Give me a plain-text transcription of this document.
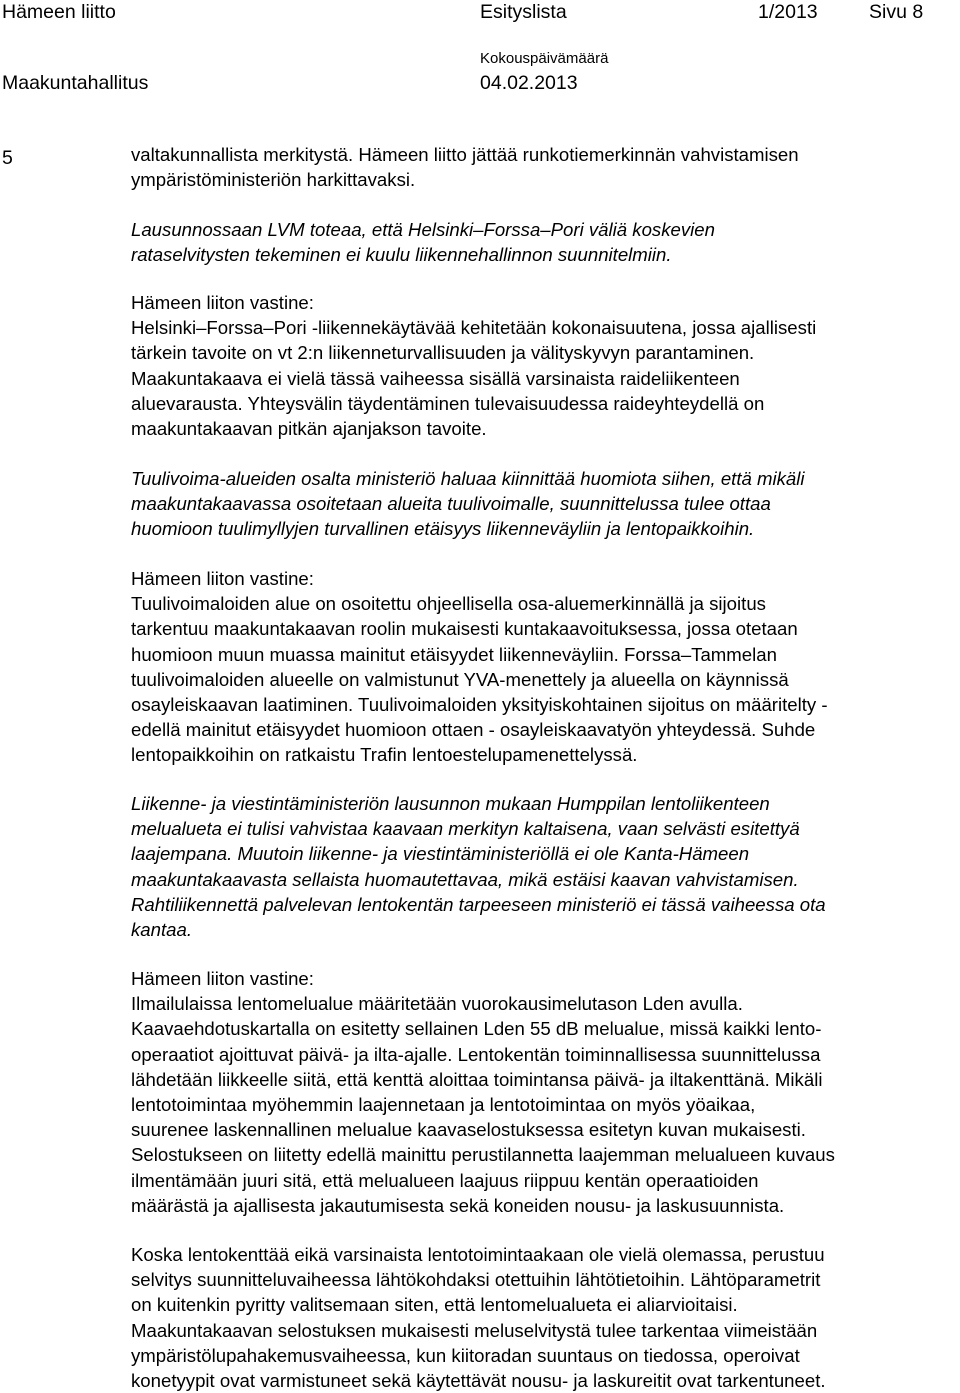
Hämeen liitto	Esityslista	1/2013	Sivu 8
Kokouspäivämäärä
Maakuntahallitus	04.02.2013
5	valtakunnallista merkitystä. Hämeen liitto jättää runkotiemerkinnän vahvistamisen
ympäristöministeriön harkittavaksi.
Lausunnossaan LVM toteaa, että Helsinki–Forssa–Pori väliä koskevien
rataselvitysten tekeminen ei kuulu liikennehallinnon suunnitelmiin.
Hämeen liiton vastine:
Helsinki–Forssa–Pori -liikennekäytävää kehitetään kokonaisuutena, jossa ajallisesti
tärkein tavoite on vt 2:n liikenneturvallisuuden ja välityskyvyn parantaminen.
Maakuntakaava ei vielä tässä vaiheessa sisällä varsinaista raideliikenteen
aluevarausta. Yhteysvälin täydentäminen tulevaisuudessa raideyhteydellä on
maakuntakaavan pitkän ajanjakson tavoite.
Tuulivoima-alueiden osalta ministeriö haluaa kiinnittää huomiota siihen, että mikäli
maakuntakaavassa osoitetaan alueita tuulivoimalle, suunnittelussa tulee ottaa
huomioon tuulimyllyjen turvallinen etäisyys liikenneväyliin ja lentopaikkoihin.
Hämeen liiton vastine:
Tuulivoimaloiden alue on osoitettu ohjeellisella osa-aluemerkinnällä ja sijoitus
tarkentuu maakuntakaavan roolin mukaisesti kuntakaavoituksessa, jossa otetaan
huomioon muun muassa mainitut etäisyydet liikenneväyliin. Forssa–Tammelan
tuulivoimaloiden alueelle on valmistunut YVA-menettely ja alueella on käynnissä
osayleiskaavan laatiminen. Tuulivoimaloiden yksityiskohtainen sijoitus on määritelty -
edellä mainitut etäisyydet huomioon ottaen - osayleiskaavatyön yhteydessä. Suhde
lentopaikkoihin on ratkaistu Trafin lentoestelupamenettelyssä.
Liikenne- ja viestintäministeriön lausunnon mukaan Humppilan lentoliikenteen
melualueta ei tulisi vahvistaa kaavaan merkityn kaltaisena, vaan selvästi esitettyä
laajempana. Muutoin liikenne- ja viestintäministeriöllä ei ole Kanta-Hämeen
maakuntakaavasta sellaista huomautettavaa, mikä estäisi kaavan vahvistamisen.
Rahtiliikennettä palvelevan lentokentän tarpeeseen ministeriö ei tässä vaiheessa ota
kantaa.
Hämeen liiton vastine:
Ilmailulaissa lentomelualue määritetään vuorokausimelutason Lden avulla.
Kaavaehdotuskartalla on esitetty sellainen Lden 55 dB melualue, missä kaikki lento-
operaatiot ajoittuvat päivä- ja ilta-ajalle. Lentokentän toiminnallisessa suunnittelussa
lähdetään liikkeelle siitä, että kenttä aloittaa toimintansa päivä- ja iltakenttänä. Mikäli
lentotoimintaa myöhemmin laajennetaan ja lentotoimintaa on myös yöaikaa,
suurenee laskennallinen melualue kaavaselostuksessa esitetyn kuvan mukaisesti.
Selostukseen on liitetty edellä mainittu perustilannetta laajemman melualueen kuvaus
ilmentämään juuri sitä, että melualueen laajuus riippuu kentän operaatioiden
määrästä ja ajallisesta jakautumisesta sekä koneiden nousu- ja laskusuunnista.
Koska lentokenttää eikä varsinaista lentotoimintaakaan ole vielä olemassa, perustuu
selvitys suunnitteluvaiheessa lähtökohdaksi otettuihin lähtötietoihin. Lähtöparametrit
on kuitenkin pyritty valitsemaan siten, että lentomelualueta ei aliarvioitaisi.
Maakuntakaavan selostuksen mukaisesti meluselvitystä tulee tarkentaa viimeistään
ympäristölupahakemusvaiheessa, kun kiitoradan suuntaus on tiedossa, operoivat
konetyypit ovat varmistuneet sekä käytettävät nousu- ja laskureitit ovat tarkentuneet.
